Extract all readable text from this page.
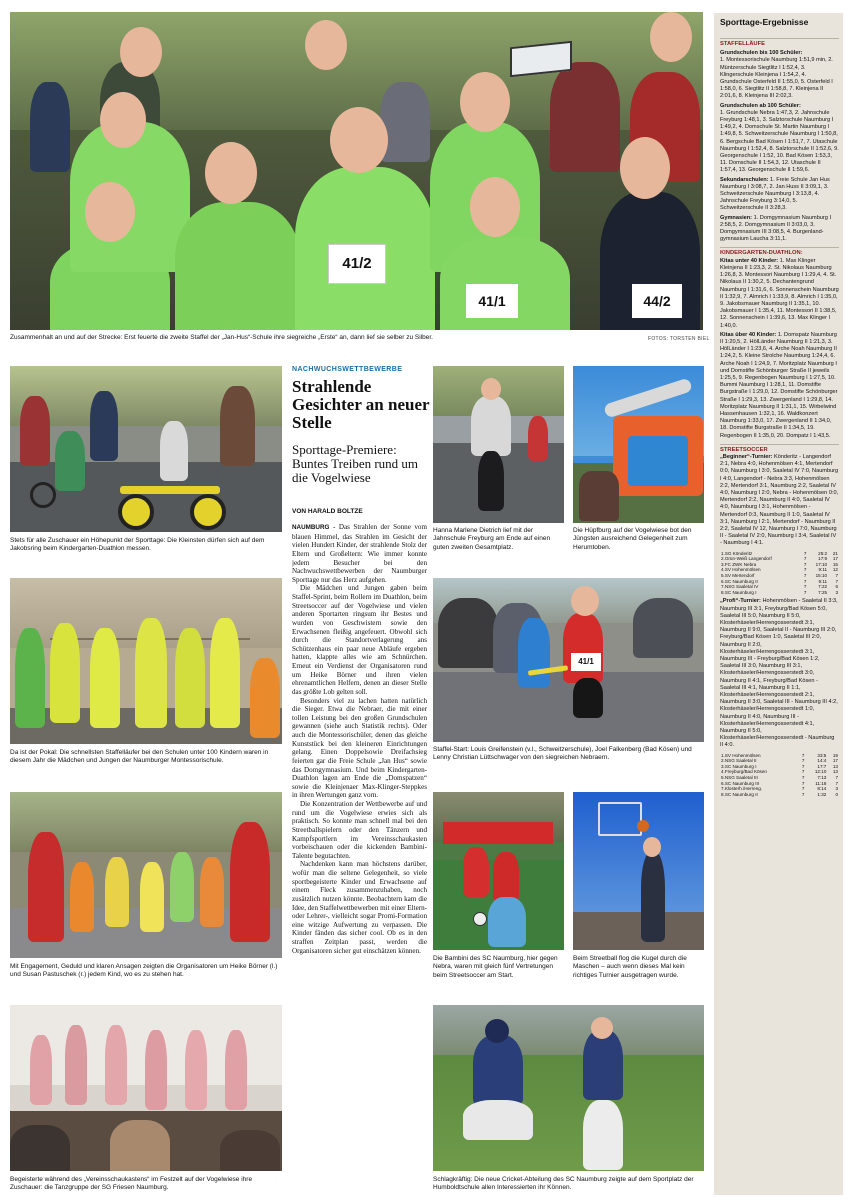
41/2
41/1	44/2
Zusammenhalt an und auf der Strecke: Erst feuerte die zweite Staffel der „Jan-Hus“-Schule ihre siegreiche „Erste“ an, dann lief sie selber zu Silber.	FOTOS: TORSTEN BIEL
Stets für alle Zuschauer ein Höhepunkt der Sporttage: Die Kleinsten dürfen sich auf dem Jakobsring beim Kindergarten-Duathlon messen.
Da ist der Pokal: Die schnellsten Staffelläufer bei den Schulen unter 100 Kindern waren in diesem Jahr die Mädchen und Jungen der Naumburger Montessorischule.
Mit Engagement, Geduld und klaren Ansagen zeigten die Organisatoren um Heike Börner (l.) und Susan Pastuschek (r.) jedem Kind, wo es zu stehen hat.
Begeisterte während des „Vereinsschaukastens“ im Festzelt auf der Vogelwiese ihre Zuschauer: die Tanzgruppe der SG Friesen Naumburg.
NACHWUCHSWETTBEWERBE
Strahlende Gesichter an neuer Stelle
Sporttage-Premiere: Buntes Treiben rund um die Vogelwiese
VON HARALD BOLTZE

NAUMBURG - Das Strahlen der Sonne vom blauen Himmel, das Strahlen im Gesicht der vielen Hundert Kinder, der strahlende Stolz der Eltern und Großeltern: Wie immer konnte jedem Besucher bei den Nachwuchswettbewerben der Naumburger Sporttage nur das Herz aufgehen.

Die Mädchen und Jungen gaben beim Staffel-Sprint, beim Rollern im Duathlon, beim Streetsoccer auf der Vogelwiese und vielen anderen Sportarten ringsum ihr Bestes und wurden von Geschwistern sowie den Erwachsenen fleißig angefeuert. Obwohl sich durch die Standortverlagerung ans Schützenhaus ein paar neue Abläufe ergeben hatten, klappte alles wie am Schnürchen. Erneut ein Verdienst der Organisatoren rund um Heike Börner und ihren vielen ehrenamtlichen Helfern, denen an dieser Stelle das größte Lob gelten soll.

Besonders viel zu lachen hatten natürlich die Sieger. Etwa die Nebraer, die mit einer tollen Leistung bei den großen Grundschulen gewannen (siehe auch Statistik rechts). Oder auch die Montessorischüler, denen das gleiche Kunststück bei den kleineren Einrichtungen gelang. Einen Doppelsowie Dreifachsieg feierten gar die Freie Schule „Jan Hus“ sowie das Domgymnasium. Und beim Kindergarten-Duathlon lagen am Ende die „Domspatzen“ sowie die Kleinjenaer Max-Klinger-Steppkes in ihren Wertungen ganz vorn.

Die Konzentration der Wettbewerbe auf und rund um die Vogelwiese erwies sich als praktisch. So konnte man schnell mal bei den Streetballspielern oder den Tänzern und Kampfsportlern im Vereinsschaukasten vorbeischauen oder die kickenden Bambini-Talente begutachten.

Nachdenken kann man höchstens darüber, wofür man die seltene Gelegenheit, so viele sportbegeisterte Kinder und Erwachsene auf einem Fleck zusammenzuhaben, noch zusätzlich nutzen könnte. Beobachtern kam die Idee, den Staffelwettbewerben mit einer Eltern- oder Lehrer-, vielleicht sogar Promi-Formation eine witzige Aufwertung zu verpassen. Die Kinder fänden das sicher cool. Ob es in den straffen Zeitplan passt, werden die Organisatoren sicher gut einschätzen können.

Hanna Marlene Dietrich lief mit der Jahnschule Freyburg am Ende auf einen guten zweiten Gesamtplatz.
Die Hüpfburg auf der Vogelwiese bot den Jüngsten ausreichend Gelegenheit zum Herumtoben.
41/1
Staffel-Start: Louis Greifenstein (v.l., Schweitzerschule), Joel Falkenberg (Bad Kösen) und Lenny Christian Lüttschwager von den siegreichen Nebraern.
Die Bambini des SC Naumburg, hier gegen Nebra, waren mit gleich fünf Vertretungen beim Streetsoccer am Start.
Beim Streetball flog die Kugel durch die Maschen – auch wenn dieses Mal kein richtiges Turnier ausgetragen wurde.
Schlagkräftig: Die neue Cricket-Abteilung des SC Naumburg zeigte auf dem Sportplatz der Humboldtschule allen Interessierten ihr Können.
Sporttage-Ergebnisse
STAFFELLÄUFE
Grundschulen bis 100 Schüler:
1. Montessorischule Naumburg 1:51,9 min, 2. Müntzerschule Siegtlitz I 1:52,4, 3. Klingerschule Kleinjena I 1:54,2, 4. Grundschule Osterfeld II 1:55,0, 5. Osterfeld I 1:58,0, 6. Siegtlitz II 1:58,8, 7. Kleinjena II 2:01,6, 8. Kleinjena III 2:02,3.
Grundschulen ab 100 Schüler:
1. Grundschule Nebra 1:47,3, 2. Jahnschule Freyburg 1:48,1, 3. Salztorschule Naumburg I 1:49,2, 4. Domschule St. Martin Naumburg I 1:49,8, 5. Schweitzerschule Naumburg I 1:50,8, 6. Bergschule Bad Kösen I 1:51,7, 7. Utaschule Naumburg I 1:52,4, 8. Salztorschule II 1:52,6, 9. Georgenschule I 1:52, 10. Bad Kösen 1:53,3, 11. Domschule II 1:54,3, 12. Utaschule II 1:57,4, 13. Georgenschule II 1:59,6.
Sekundarschulen: 1. Freie Schule Jan Hus Naumburg I 3:08,7, 2. Jan Huss II 3:09,1, 3. Schweitzerschule Naumburg I 3:13,8, 4. Jahnschule Freyburg 3:14,0, 5. Schweitzerschule II 3:28,3.
Gymnasien: 1. Domgymnasium Naumburg I 2:58,5, 2. Domgymnasium II 3:03,0, 3. Domgymnasium III 3:08,5, 4. Burgenland-gymnasium Laucha 3:11,1.
KINDERGARTEN-DUATHLON:
Kitas unter 40 Kinder: 1. Max Klinger Kleinjena II 1:23,3, 2. St. Nikolaus Naumburg 1:26,8, 3. Montessori Naumburg I 1:29,4, 4. St. Nikolaus II 1:30,2, 5. Dechantengrund Naumburg I 1:31,6, 6. Sonnenschein Naumburg II 1:32,9, 7. Almrich I 1:33,9, 8. Almrich I 1:35,0, 9. Jakobsmauer Naumburg II 1:35,1, 10. Jakobsmauer I 1:35,4, 11. Montessori II 1:38,5, 12. Sonnenschein I 1:39,6, 13. Max Klinger I 1:40,0.
Kitas über 40 Kinder: 1. Domspatz Naumburg II 1:20,5, 2. HölLänder Naumburg II 1:21,3, 3. HölLänder I 1:23,6, 4. Arche Noah Naumburg II 1:24,2, 5. Kleine Strolche Naumburg 1:24,4, 6. Arche Noah I 1:24,9, 7. Moritzplatz Naumburg I und Domstifte Schönburger Straße II jeweils 1:25,5, 9. Regenbogen Naumburg I 1:27,5, 10. Bummi Naumburg I 1:28,1, 11. Domstifte Burgstraße I 1:29,0, 12. Domstifte Schönburger Straße I 1:29,3, 13. Zwergenland I 1:29,8, 14. Moritzplatz Naumburg II 1:31,1, 15. Wirbelwind Hassenhausen 1:32,1, 16. Waldkonzert Naumburg 1:33,0, 17. Zwergenland II 1:34,0, 18. Domstifte Burgstraße II 1:34,5, 19. Regenbogen II 1:35,0, 20. Dompatz I 1:43,5.
STREETSOCCER
„Beginner“-Turnier: Könderitz - Langendorf 2:1, Nebra 4:0, Hohenmölsen 4:1, Mertendorf 0:0, Naumburg I 3:0, Saaletal IV 7:0, Naumburg I 4:0, Langendorf - Nebra 3:3, Hohenmölsen 2:2, Mertendorf 3:1, Naumburg 2:2, Saaletal IV 4:0, Naumburg I 2:0, Nebra - Hohenmölsen 0:0, Mertendorf 2:2, Naumburg II 4:0, Saaletal IV 4:0, Naumburg I 3:1, Hohenmölsen - Mertendorf 0:3, Naumburg II 1:0, Saaletal IV 3:1, Naumburg I 2:1, Mertendorf - Naumburg II 2:2, Saaletal IV 12, Naumburg I 7:0, Naumburg II - Saaletal IV 2:0, Naumburg I 3:4, Saaletal IV - Naumburg I 4:1.
1.SG Könderitz	7	25:2	21
2.Grün-Weiß Langendorf	7	17:9	17
3.FC ZWK Nebra	7	17:10	15
4.SV Hohenmölsen	7	9:11	12
5.SV Mertendorf	7	15:10	7
6.SC Naumburg II	7	9:11	7
7.NSG Saaletal IV	7	7:22	6
8.SC Naumburg I	7	7:25	3
„Profi“-Turnier: Hohenmölsen - Saaletal II 3:3, Naumburg III 3:1, Freyburg/Bad Kösen 5:0, Saaletal III 5:0, Naumburg II 5:0, Klosterhäseler/Herrengosserstedt 3:1, Naumburg II 9:0, Saaletal II - Naumburg III 2:0, Freyburg/Bad Kösen 1:0, Saaletal III 2:0, Naumburg II 2:0, Klosterhäseler/Herrengosserstedt 3:1, Naumburg III - Freyburg/Bad Kösen 1:2, Saaletal III 3:0, Naumburg III 3:1, Klosterhäseler/Herrengosserstedt 3:0, Naumburg II 4:1, Freyburg/Bad Kösen - Saaletal III 4:1, Naumburg II 1:1, Klosterhäseler/Herrengosserstedt 2:1, Naumburg II 3:0, Saaletal III - Naumburg III 4:2, Klosterhäseler/Herrengosserstedt 1:0, Naumburg II 4:0, Naumburg III - Klosterhäseler/Herrengosserstedt 4:1, Naumburg II 5:0, Klosterhäseler/Herrengosserstedt - Naumburg II 4:0.
1.SV Hohenmölsen	7	33:5	19
2.NSG Saaletal II	7	14:4	17
3.SC Naumburg I	7	17:7	13
4.Freyburg/Bad Kösen	7	12:10	13
5.NSG Saaletal III	7	7:13	7
6.SC Naumburg III	7	11:18	7
7.Klosterh./Herreng.	7	8:14	3
8.SC Naumburg II	7	1:32	0
